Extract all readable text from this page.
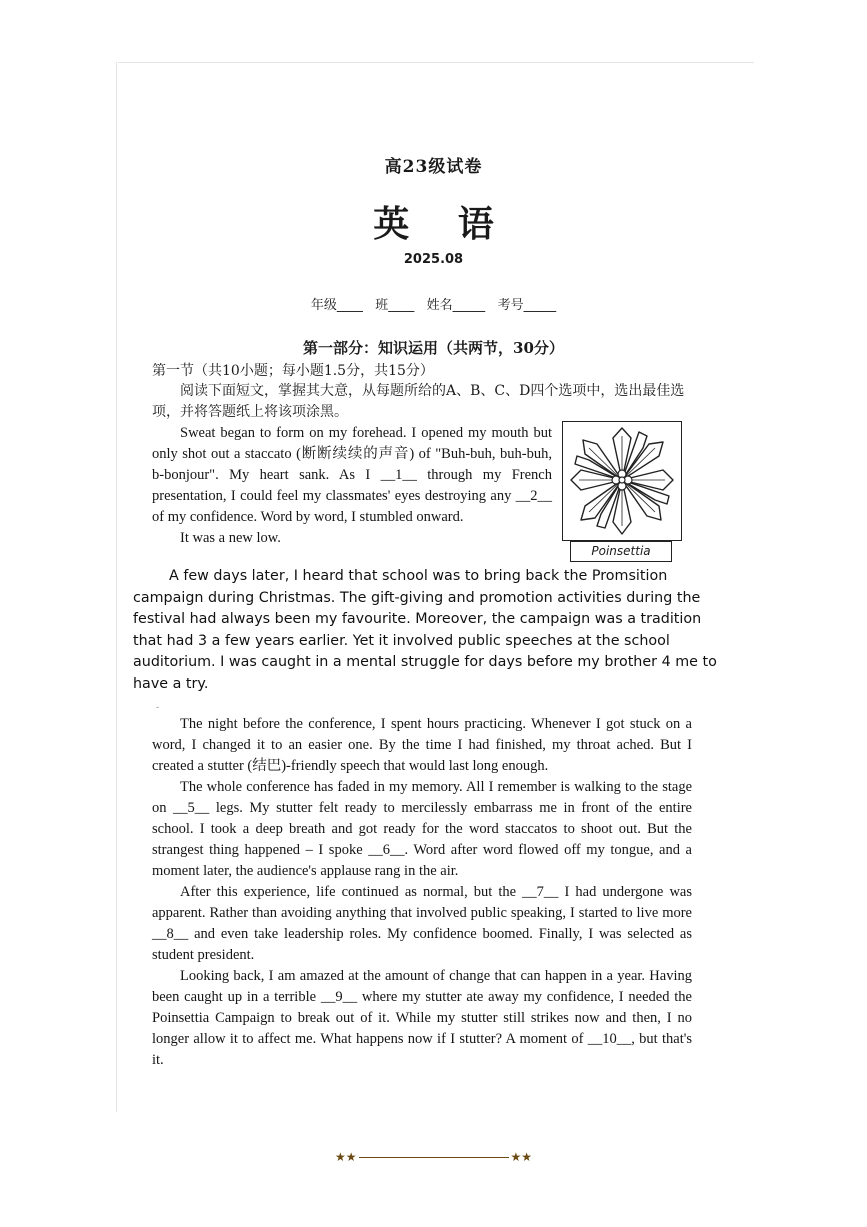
高23级试卷
英 语
2025.08
年级____   班____   姓名_____   考号_____
第一部分：知识运用（共两节，30分）
第一节（共10小题；每小题1.5分，共15分）

阅读下面短文，掌握其大意，从每题所给的A、B、C、D四个选项中，选出最佳选项，并将答题纸上将该项涂黑。

Sweat began to form on my forehead. I opened my mouth but only shot out a staccato (断断续续的声音) of "Buh-buh, buh-buh, b-bonjour". My heart sank. As I __1__ through my French presentation, I could feel my classmates' eyes destroying any __2__ of my confidence. Word by word, I stumbled onward.

It was a new low.

Poinsettia

A few days later, I heard that school was to bring back the Promsition campaign during Christmas. The gift-giving and promotion activities during the festival had always been my favourite. Moreover, the campaign was a tradition that had 3 a few years earlier. Yet it involved public speeches at the school auditorium. I was caught in a mental struggle for days before my brother 4 me to have a try.

-

The night before the conference, I spent hours practicing. Whenever I got stuck on a word, I changed it to an easier one. By the time I had finished, my throat ached. But I created a stutter (结巴)-friendly speech that would last long enough.

The whole conference has faded in my memory. All I remember is walking to the stage on __5__ legs. My stutter felt ready to mercilessly embarrass me in front of the entire school. I took a deep breath and got ready for the word staccatos to shoot out. But the strangest thing happened – I spoke __6__. Word after word flowed off my tongue, and a moment later, the audience's applause rang in the air.

After this experience, life continued as normal, but the __7__ I had undergone was apparent. Rather than avoiding anything that involved public speaking, I started to live more __8__ and even take leadership roles. My confidence boomed. Finally, I was selected as student president.

Looking back, I am amazed at the amount of change that can happen in a year. Having been caught up in a terrible __9__ where my stutter ate away my confidence, I needed the Poinsettia Campaign to break out of it. While my stutter still strikes now and then, I no longer allow it to affect me. What happens now if I stutter? A moment of __10__, but that's it.

★★	★★
